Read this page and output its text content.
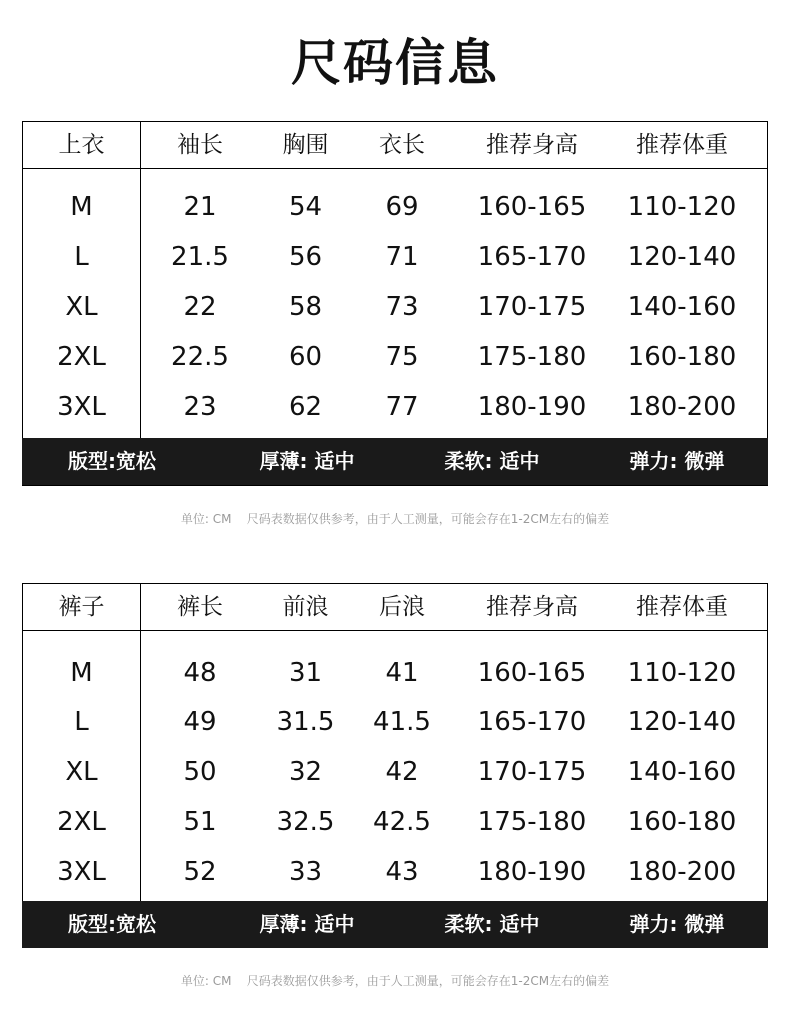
尺码信息
上衣	袖长	胸围	衣长	推荐身高	推荐体重
M	21	54	69	160-165	110-120
L	21.5	56	71	165-170	120-140
XL	22	58	73	170-175	140-160
2XL	22.5	60	75	175-180	160-180
3XL	23	62	77	180-190	180-200
版型:宽松	厚薄: 适中	柔软: 适中	弹力: 微弹
单位: CM    尺码表数据仅供参考，由于人工测量，可能会存在1-2CM左右的偏差
裤子	裤长	前浪	后浪	推荐身高	推荐体重
M	48	31	41	160-165	110-120
L	49	31.5	41.5	165-170	120-140
XL	50	32	42	170-175	140-160
2XL	51	32.5	42.5	175-180	160-180
3XL	52	33	43	180-190	180-200
版型:宽松	厚薄: 适中	柔软: 适中	弹力: 微弹
单位: CM    尺码表数据仅供参考，由于人工测量，可能会存在1-2CM左右的偏差
